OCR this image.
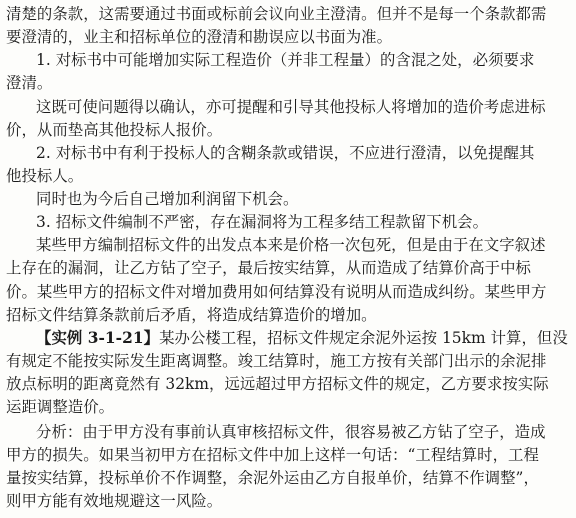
清楚的条款，这需要通过书面或标前会议向业主澄清。但并不是每一个条款都需
要澄清的，业主和招标单位的澄清和勘误应以书面为准。
1. 对标书中可能增加实际工程造价（并非工程量）的含混之处，必须要求
澄清。
这既可使问题得以确认，亦可提醒和引导其他投标人将增加的造价考虑进标
价，从而垫高其他投标人报价。
2. 对标书中有利于投标人的含糊条款或错误，不应进行澄清，以免提醒其
他投标人。
同时也为今后自己增加利润留下机会。
3. 招标文件编制不严密，存在漏洞将为工程多结工程款留下机会。
某些甲方编制招标文件的出发点本来是价格一次包死，但是由于在文字叙述
上存在的漏洞，让乙方钻了空子，最后按实结算，从而造成了结算价高于中标
价。某些甲方的招标文件对增加费用如何结算没有说明从而造成纠纷。某些甲方
招标文件结算条款前后矛盾，将造成结算造价的增加。
【实例 3-1-21】某办公楼工程，招标文件规定余泥外运按 15km 计算，但没
有规定不能按实际发生距离调整。竣工结算时，施工方按有关部门出示的余泥排
放点标明的距离竟然有 32km，远远超过甲方招标文件的规定，乙方要求按实际
运距调整造价。
分析：由于甲方没有事前认真审核招标文件，很容易被乙方钻了空子，造成
甲方的损失。如果当初甲方在招标文件中加上这样一句话：“工程结算时，工程
量按实结算，投标单价不作调整，余泥外运由乙方自报单价，结算不作调整”，
则甲方能有效地规避这一风险。
